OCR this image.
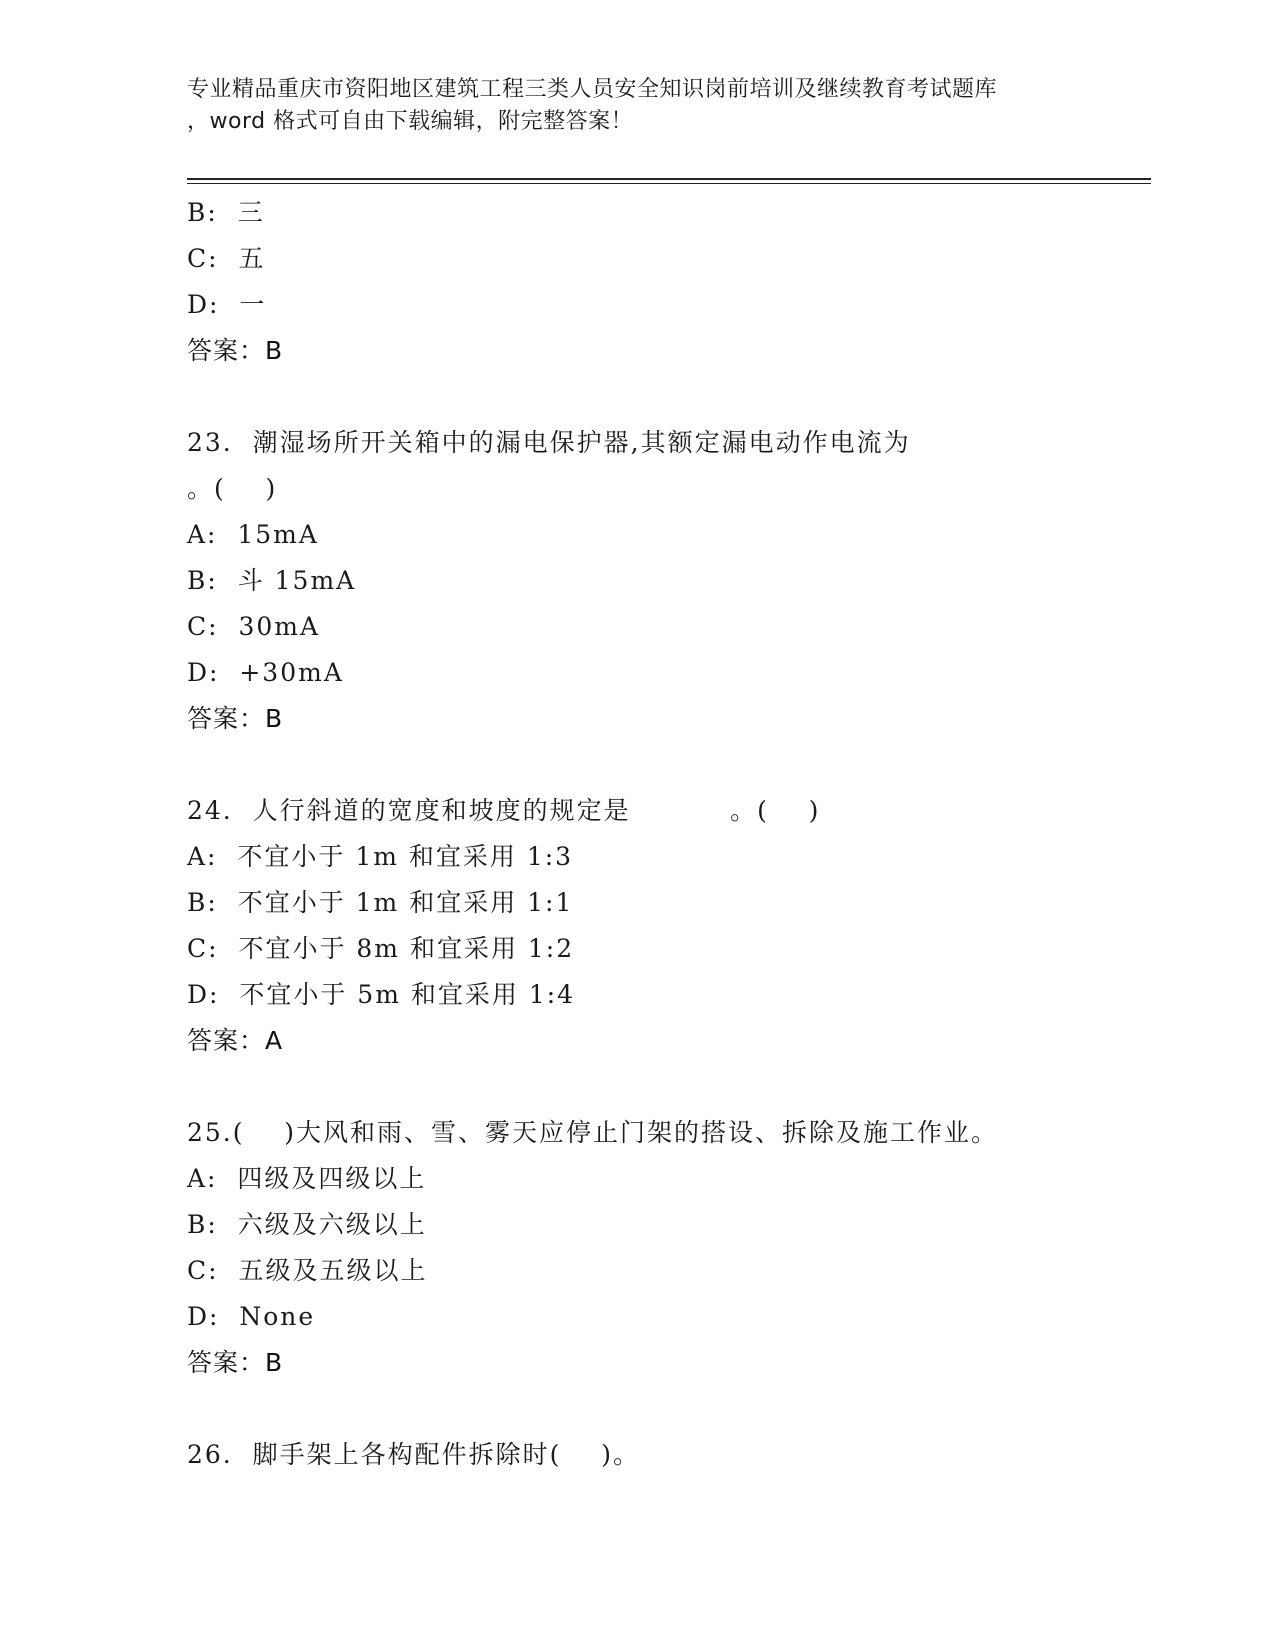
专业精品重庆市资阳地区建筑工程三类人员安全知识岗前培训及继续教育考试题库
，word 格式可自由下载编辑，附完整答案！
B:  三
C:  五
D:  一
答案：B
23.  潮湿场所开关箱中的漏电保护器,其额定漏电动作电流为
。(    )
A:  15mA
B:  斗 15mA
C:  30mA
D:  +30mA
答案：B
24.  人行斜道的宽度和坡度的规定是          。(    )
A:  不宜小于 1m 和宜采用 1:3
B:  不宜小于 1m 和宜采用 1:1
C:  不宜小于 8m 和宜采用 1:2
D:  不宜小于 5m 和宜采用 1:4
答案：A
25.(    )大风和雨、雪、雾天应停止门架的搭设、拆除及施工作业。
A:  四级及四级以上
B:  六级及六级以上
C:  五级及五级以上
D:  None
答案：B
26.  脚手架上各构配件拆除时(    )。
